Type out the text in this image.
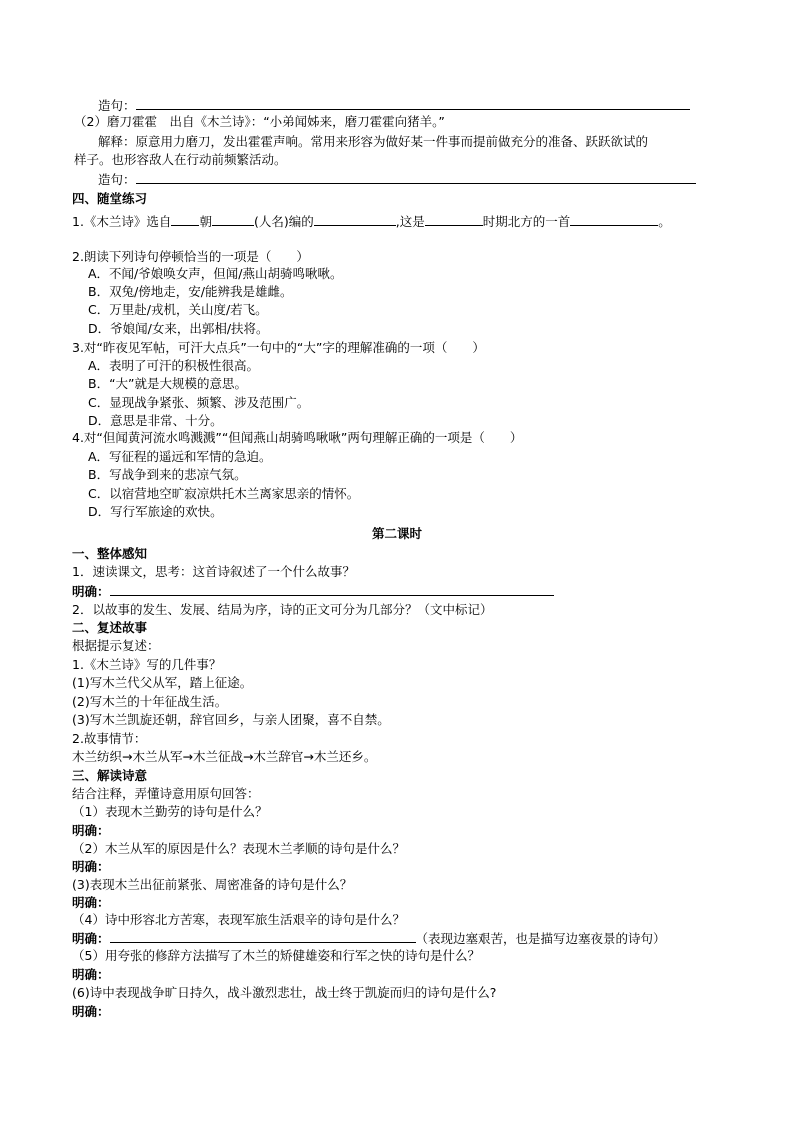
造句：
（2）磨刀霍霍　出自《木兰诗》：“小弟闻姊来，磨刀霍霍向猪羊。”
解释：原意用力磨刀，发出霍霍声响。常用来形容为做好某一件事而提前做充分的准备、跃跃欲试的
样子。也形容敌人在行动前频繁活动。
造句：
四、随堂练习
1.《木兰诗》选自 朝	(人名)编的	,这是	时期北方的一首	。
2.朗读下列诗句停顿恰当的一项是（　　）
A．不闻/爷娘唤女声，但闻/燕山胡骑鸣啾啾。
B．双兔/傍地走，安/能辨我是雄雌。
C．万里赴/戎机，关山度/若飞。
D．爷娘闻/女来，出郭相/扶将。
3.对“昨夜见军帖，可汗大点兵”一句中的“大”字的理解准确的一项（　　）
A．表明了可汗的积极性很高。
B．“大”就是大规模的意思。
C．显现战争紧张、频繁、涉及范围广。
D．意思是非常、十分。
4.对“但闻黄河流水鸣溅溅”“但闻燕山胡骑鸣啾啾”两句理解正确的一项是（　　）
A．写征程的遥远和军情的急迫。
B．写战争到来的悲凉气氛。
C．以宿营地空旷寂凉烘托木兰离家思亲的情怀。
D．写行军旅途的欢快。
第二课时
一、整体感知
1．速读课文，思考：这首诗叙述了一个什么故事？
明确：
2．以故事的发生、发展、结局为序，诗的正文可分为几部分？（文中标记）
二、复述故事
根据提示复述：
1.《木兰诗》写的几件事？
(1)写木兰代父从军，踏上征途。
(2)写木兰的十年征战生活。
(3)写木兰凯旋还朝，辞官回乡，与亲人团聚，喜不自禁。
2.故事情节：
木兰纺织→木兰从军→木兰征战→木兰辞官→木兰还乡。
三、解读诗意
结合注释，弄懂诗意用原句回答：
（1）表现木兰勤劳的诗句是什么？
明确：
（2）木兰从军的原因是什么？表现木兰孝顺的诗句是什么？
明确：
(3)表现木兰出征前紧张、周密准备的诗句是什么？
明确：
（4）诗中形容北方苦寒，表现军旅生活艰辛的诗句是什么？
明确：	（表现边塞艰苦，也是描写边塞夜景的诗句）
（5）用夸张的修辞方法描写了木兰的矫健雄姿和行军之快的诗句是什么？
明确：
(6)诗中表现战争旷日持久，战斗激烈悲壮，战士终于凯旋而归的诗句是什么?
明确：
